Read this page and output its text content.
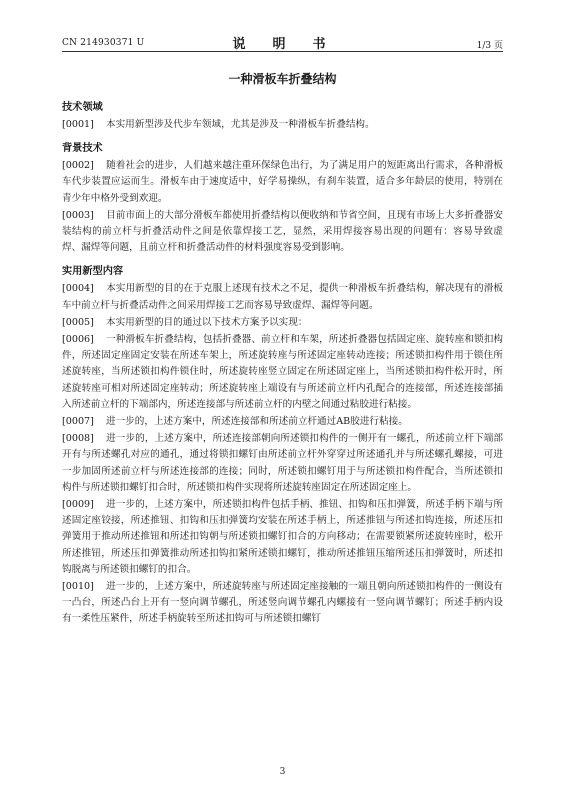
CN 214930371 U	说　明　书	1/3 页
一种滑板车折叠结构
技术领域
[0001] 本实用新型涉及代步车领域，尤其是涉及一种滑板车折叠结构。
背景技术
[0002] 随着社会的进步，人们越来越注重环保绿色出行，为了满足用户的短距离出行需求，各种滑板车代步装置应运而生。滑板车由于速度适中，好学易操纵，有刹车装置，适合多年龄层的使用，特别在青少年中格外受到欢迎。
[0003] 目前市面上的大部分滑板车都使用折叠结构以便收纳和节省空间，且现有市场上大多折叠器安装结构的前立杆与折叠活动件之间是依靠焊接工艺，显然，采用焊接容易出现的问题有：容易导致虚焊、漏焊等问题，且前立杆和折叠活动件的材料强度容易受到影响。
实用新型内容
[0004] 本实用新型的目的在于克服上述现有技术之不足，提供一种滑板车折叠结构，解决现有的滑板车中前立杆与折叠活动件之间采用焊接工艺而容易导致虚焊、漏焊等问题。
[0005] 本实用新型的目的通过以下技术方案予以实现：
[0006] 一种滑板车折叠结构，包括折叠器、前立杆和车架，所述折叠器包括固定座、旋转座和锁扣构件，所述固定座固定安装在所述车架上，所述旋转座与所述固定座转动连接；所述锁扣构件用于锁住所述旋转座，当所述锁扣构件锁住时，所述旋转座竖立固定在所述固定座上，当所述锁扣构件松开时，所述旋转座可相对所述固定座转动；所述旋转座上端设有与所述前立杆内孔配合的连接部，所述连接部插入所述前立杆的下端部内，所述连接部与所述前立杆的内壁之间通过粘胶进行粘接。
[0007] 进一步的，上述方案中，所述连接部和所述前立杆通过AB胶进行粘接。
[0008] 进一步的，上述方案中，所述连接部朝向所述锁扣构件的一侧开有一螺孔，所述前立杆下端部开有与所述螺孔对应的通孔，通过将锁扣螺钉由所述前立杆外穿穿过所述通孔并与所述螺孔螺接，可进一步加固所述前立杆与所述连接部的连接；同时，所述锁扣螺钉用于与所述锁扣构件配合，当所述锁扣构件与所述锁扣螺钉扣合时，所述锁扣构件实现将所述旋转座固定在所述固定座上。
[0009] 进一步的，上述方案中，所述锁扣构件包括手柄、推钮、扣钩和压扣弹簧，所述手柄下端与所述固定座铰接，所述推钮、扣钩和压扣弹簧均安装在所述手柄上，所述推钮与所述扣钩连接，所述压扣弹簧用于推动所述推钮和所述扣钩朝与所述锁扣螺钉扣合的方向移动；在需要锁紧所述旋转座时，松开所述推钮，所述压扣弹簧推动所述扣钩扣紧所述锁扣螺钉，推动所述推钮压缩所述压扣弹簧时，所述扣钩脱离与所述锁扣螺钉的扣合。
[0010] 进一步的，上述方案中，所述旋转座与所述固定座接触的一端且朝向所述锁扣构件的一侧设有一凸台，所述凸台上开有一竖向调节螺孔，所述竖向调节螺孔内螺接有一竖向调节螺钉；所述手柄内设有一柔性压紧件，所述手柄旋转至所述扣钩可与所述锁扣螺钉
3
